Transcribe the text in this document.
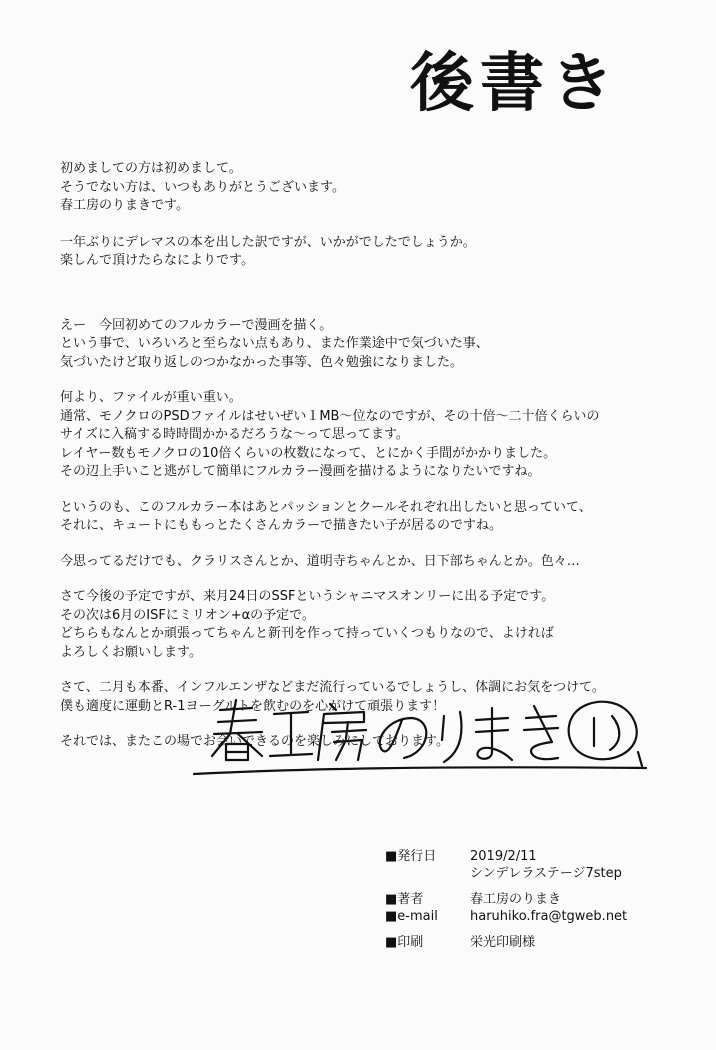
後書き

初めましての方は初めまして。
そうでない方は、いつもありがとうございます。
春工房のりまきです。

一年ぶりにデレマスの本を出した訳ですが、いかがでしたでしょうか。
楽しんで頂けたらなによりです。

えー　今回初めてのフルカラーで漫画を描く。
という事で、いろいろと至らない点もあり、また作業途中で気づいた事、
気づいたけど取り返しのつかなかった事等、色々勉強になりました。

何より、ファイルが重い重い。
通常、モノクロのPSDファイルはせいぜい１MB〜位なのですが、その十倍〜二十倍くらいの
サイズに入稿する時時間かかるだろうな〜って思ってます。
レイヤー数もモノクロの10倍くらいの枚数になって、とにかく手間がかかりました。
その辺上手いこと逃がして簡単にフルカラー漫画を描けるようになりたいですね。

というのも、このフルカラー本はあとパッションとクールそれぞれ出したいと思っていて、
それに、キュートにももっとたくさんカラーで描きたい子が居るのですね。

今思ってるだけでも、クラリスさんとか、道明寺ちゃんとか、日下部ちゃんとか。色々…

さて今後の予定ですが、来月24日のSSFというシャニマスオンリーに出る予定です。
その次は6月のISFにミリオン+αの予定で。
どちらもなんとか頑張ってちゃんと新刊を作って持っていくつもりなので、よければ
よろしくお願いします。

さて、二月も本番、インフルエンザなどまだ流行っているでしょうし、体調にお気をつけて。
僕も適度に運動とR-1ヨーグルトを飲むのを心がけて頑張ります！

それでは、またこの場でお会いできるのを楽しみにしております。

■発行日	2019/2/11
シンデレラステージ7step
■著者	春工房のりまき
■e-mail	haruhiko.fra@tgweb.net
■印刷	栄光印刷様
